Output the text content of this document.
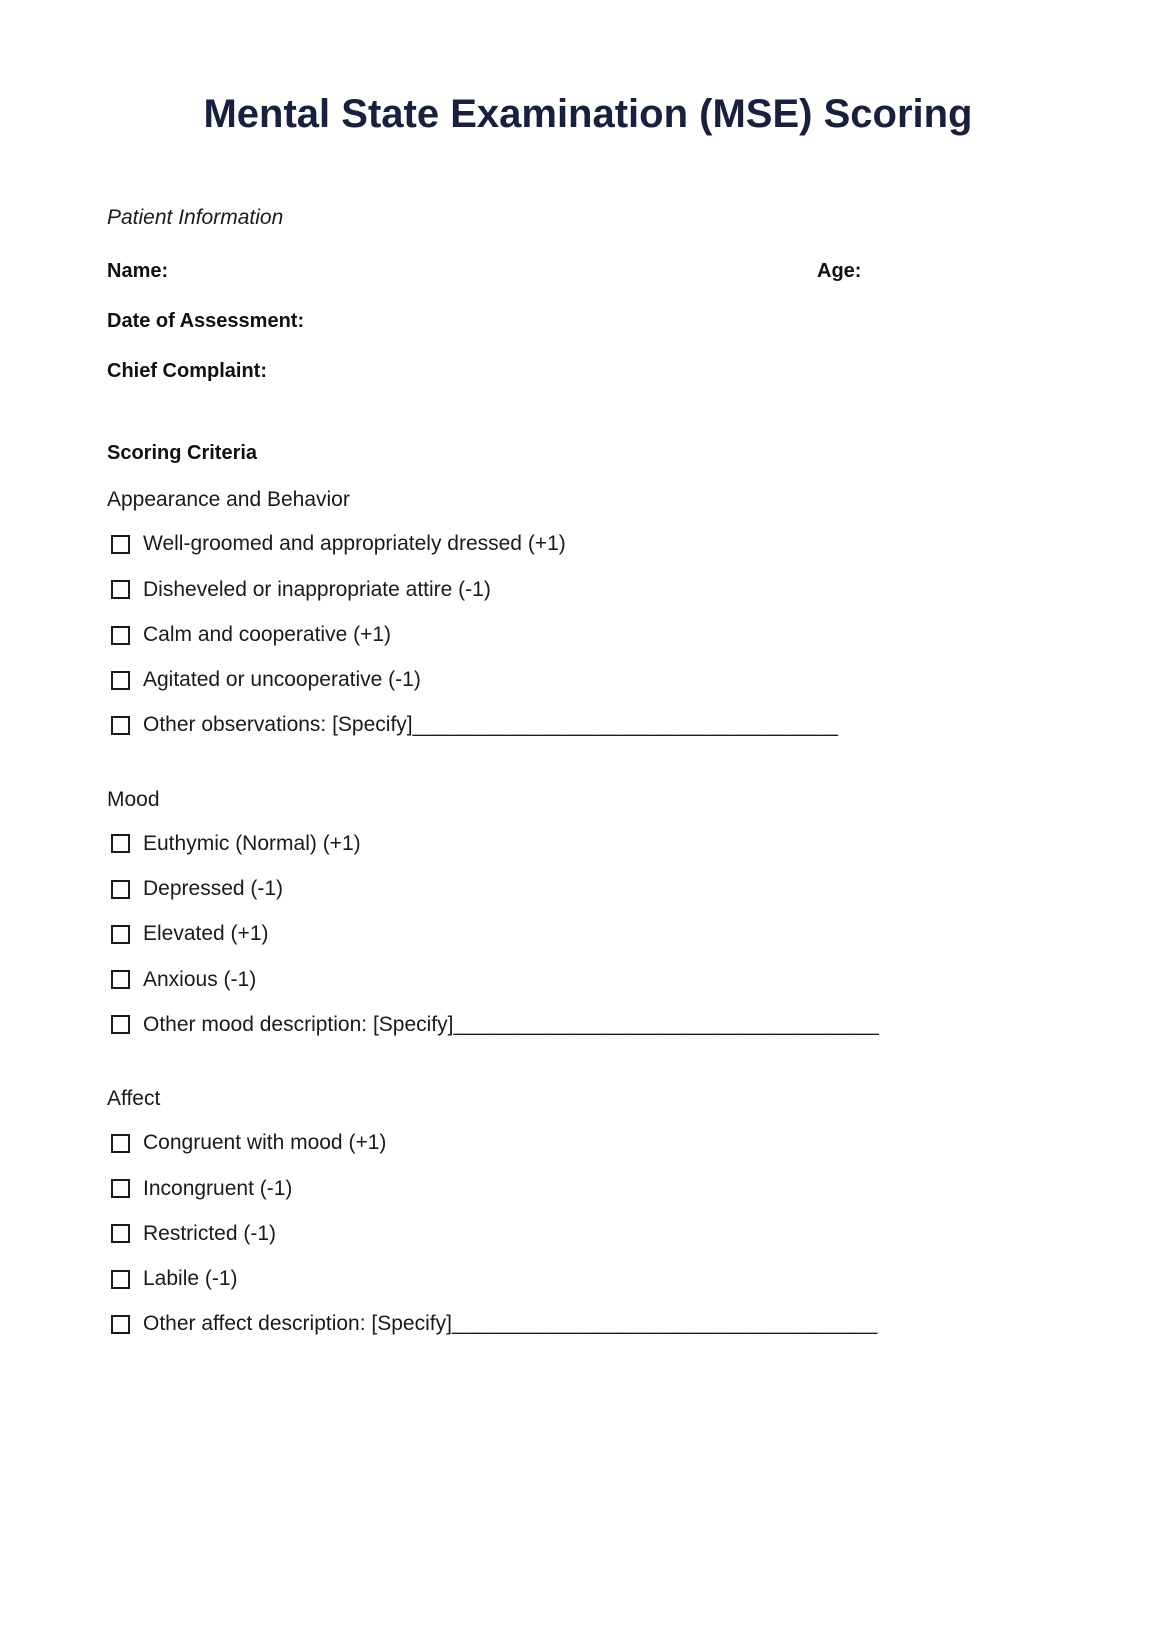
Mental State Examination (MSE) Scoring
Patient Information
Name:	Age:
Date of Assessment:
Chief Complaint:
Scoring Criteria
Appearance and Behavior
Well-groomed and appropriately dressed (+1)
Disheveled or inappropriate attire (-1)
Calm and cooperative (+1)
Agitated or uncooperative (-1)
Other observations: [Specify] ______________________________________
Mood
Euthymic (Normal) (+1)
Depressed (-1)
Elevated (+1)
Anxious (-1)
Other mood description: [Specify] ______________________________________
Affect
Congruent with mood (+1)
Incongruent (-1)
Restricted (-1)
Labile (-1)
Other affect description: [Specify] ______________________________________
